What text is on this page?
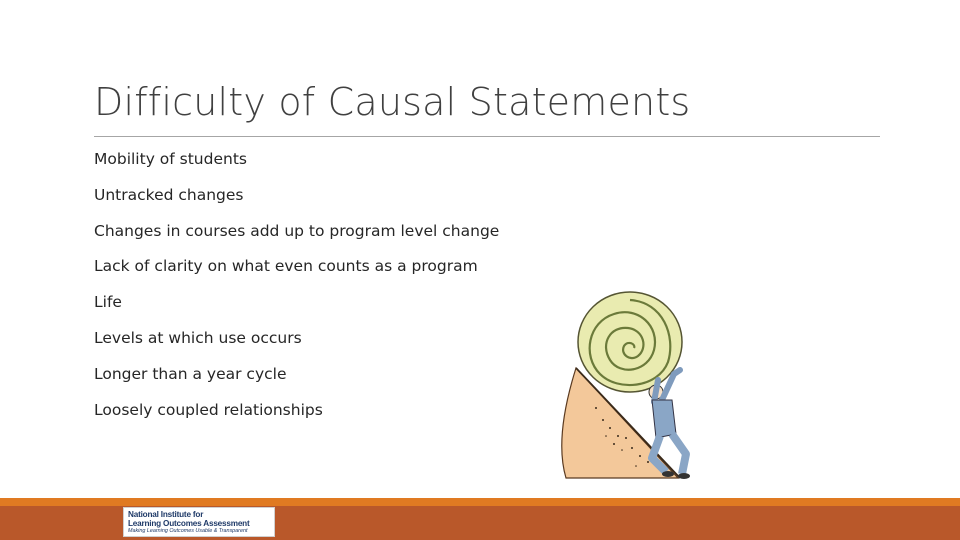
Difficulty of Causal Statements
Mobility of students
Untracked changes
Changes in courses add up to program level change
Lack of clarity on what even counts as a program
Life
Levels at which use occurs
Longer than a year cycle
Loosely coupled relationships
National Institute for
Learning Outcomes Assessment
Making Learning Outcomes Usable & Transparent
